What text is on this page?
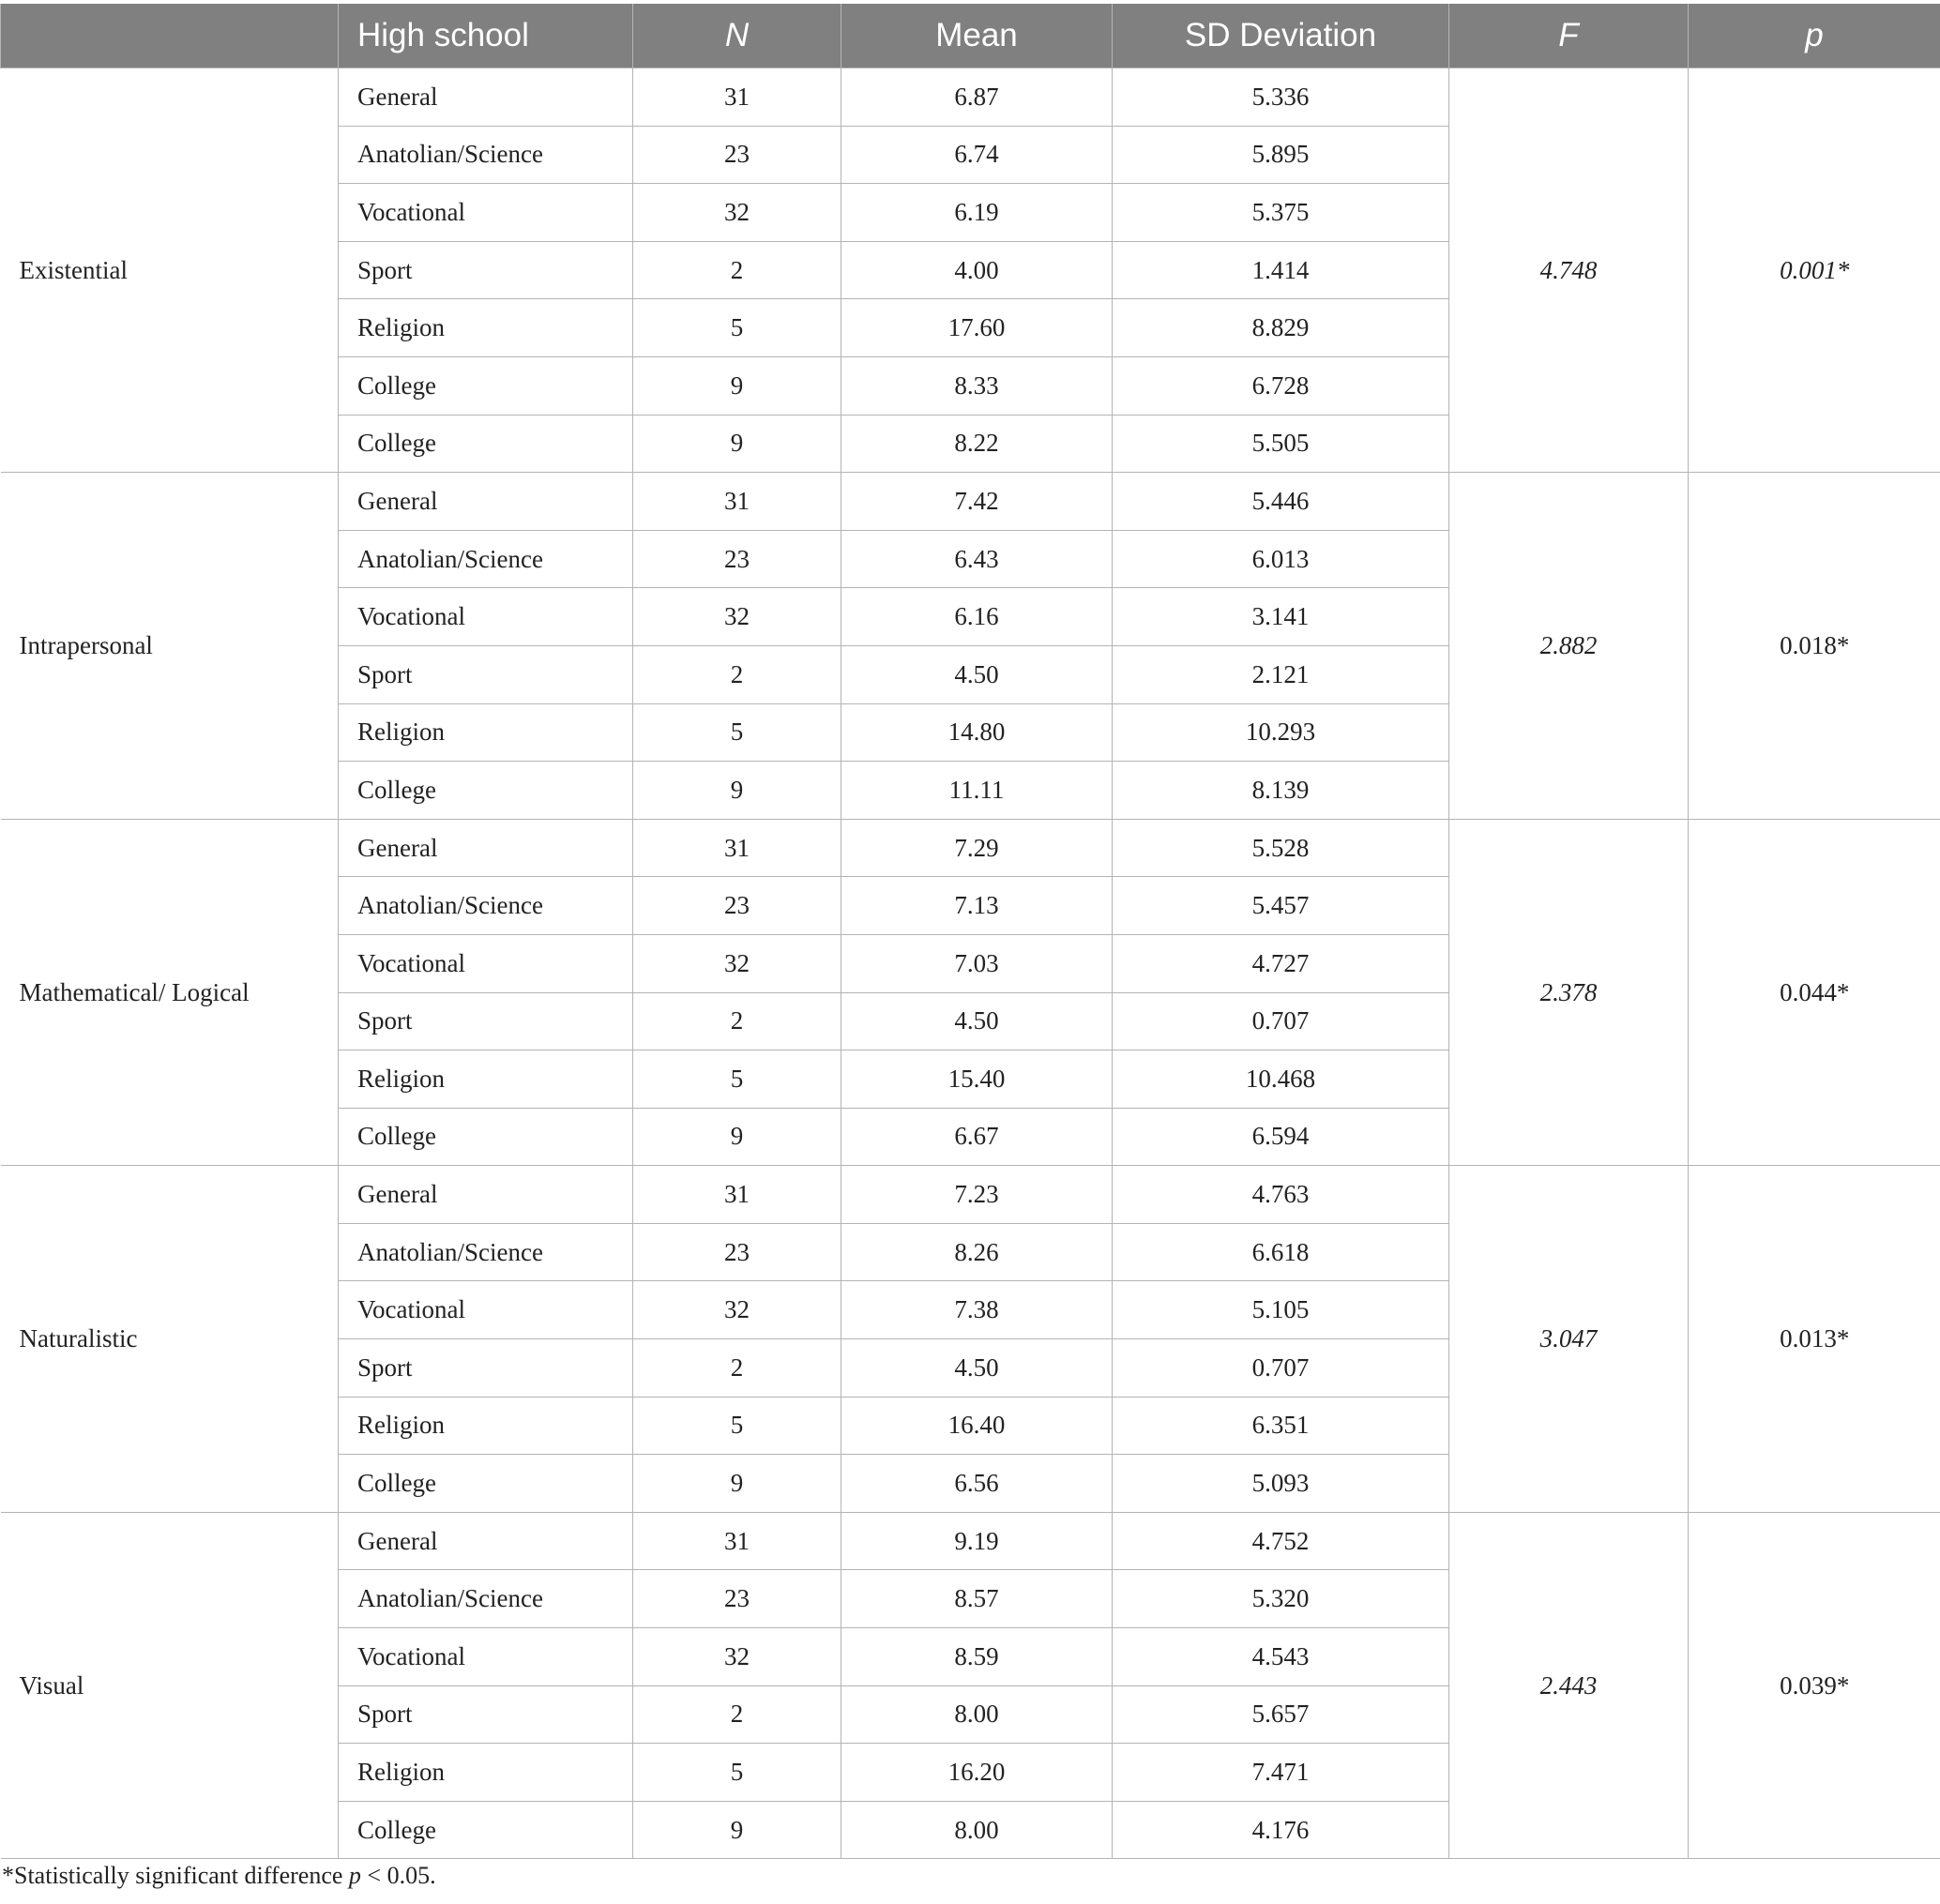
	High school	N	Mean	SD Deviation	F	p
Existential	General	31	6.87	5.336	4.748	0.001*
	Anatolian/Science	23	6.74	5.895		
	Vocational	32	6.19	5.375		
	Sport	2	4.00	1.414		
	Religion	5	17.60	8.829		
	College	9	8.33	6.728		
	College	9	8.22	5.505		
Intrapersonal	General	31	7.42	5.446	2.882	0.018*
	Anatolian/Science	23	6.43	6.013		
	Vocational	32	6.16	3.141		
	Sport	2	4.50	2.121		
	Religion	5	14.80	10.293		
	College	9	11.11	8.139		
Mathematical/ Logical	General	31	7.29	5.528	2.378	0.044*
	Anatolian/Science	23	7.13	5.457		
	Vocational	32	7.03	4.727		
	Sport	2	4.50	0.707		
	Religion	5	15.40	10.468		
	College	9	6.67	6.594		
Naturalistic	General	31	7.23	4.763	3.047	0.013*
	Anatolian/Science	23	8.26	6.618		
	Vocational	32	7.38	5.105		
	Sport	2	4.50	0.707		
	Religion	5	16.40	6.351		
	College	9	6.56	5.093		
Visual	General	31	9.19	4.752	2.443	0.039*
	Anatolian/Science	23	8.57	5.320		
	Vocational	32	8.59	4.543		
	Sport	2	8.00	5.657		
	Religion	5	16.20	7.471		
	College	9	8.00	4.176		
*Statistically significant difference p < 0.05.
